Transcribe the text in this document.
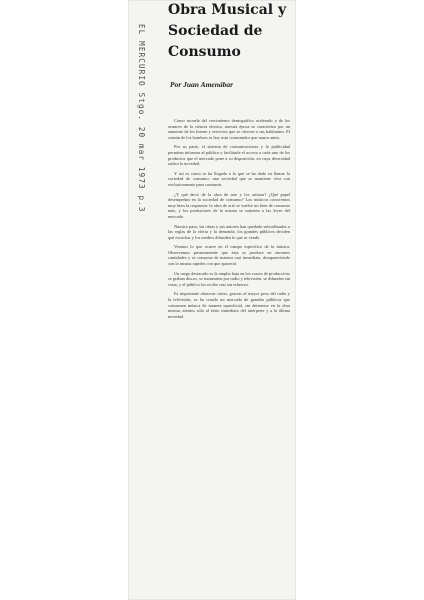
EL MERCURIO Stgo. 20 mar 1973 p.3
Obra Musical y
Sociedad de
Consumo
Por Juan Amenábar

Como secuela del crecimiento demográfico acelerado y de los avances de la ciencia técnica, nuestra época se caracteriza por un aumento de los bienes y servicios que se ofrecen a sus habitantes. El común de los hombres es hoy más consumidor que nunca antes.

Por su parte, el sistema de comunicaciones y la publicidad permiten informar al público y facilitarle el acceso a cada uno de los productos que el mercado pone a su disposición, en cuya diversidad radica la novedad.

Y así es como se ha llegado a lo que se ha dado en llamar la sociedad de consumo; una sociedad que se mantiene viva con exclusivamente para consumir.

¿Y qué decir de la obra de arte y los artistas? ¿Qué papel desempeñan en la sociedad de consumo? Los músicos conocemos muy bien la respuesta: la obra de arte se vuelve un bien de consumo más, y los productores de la misma se someten a las leyes del mercado.

Nuestro paso, las obras y sus autores han quedado subordinados a las reglas de la oferta y la demanda; los grandes públicos deciden qué escuchar y los medios difunden lo que se vende.

Veamos lo que ocurre en el campo específico de la música. Observamos primeramente que ésta se produce en enormes cantidades y se consume de manera casi inmediata, desapareciendo con la misma rapidez con que apareció.

Un rasgo destacado es la amplia baja en los costos de producción; se graban discos, se transmiten por radio y televisión, se difunden sin cesar, y el público los recibe casi sin esfuerzo.

Es importante observar cómo, gracias al mayor peso del radio y la televisión, se ha creado un mercado de grandes públicos que consumen música de manera superficial, sin detenerse en la obra misma, atentos sólo al éxito inmediato del intérprete y a la última novedad.
